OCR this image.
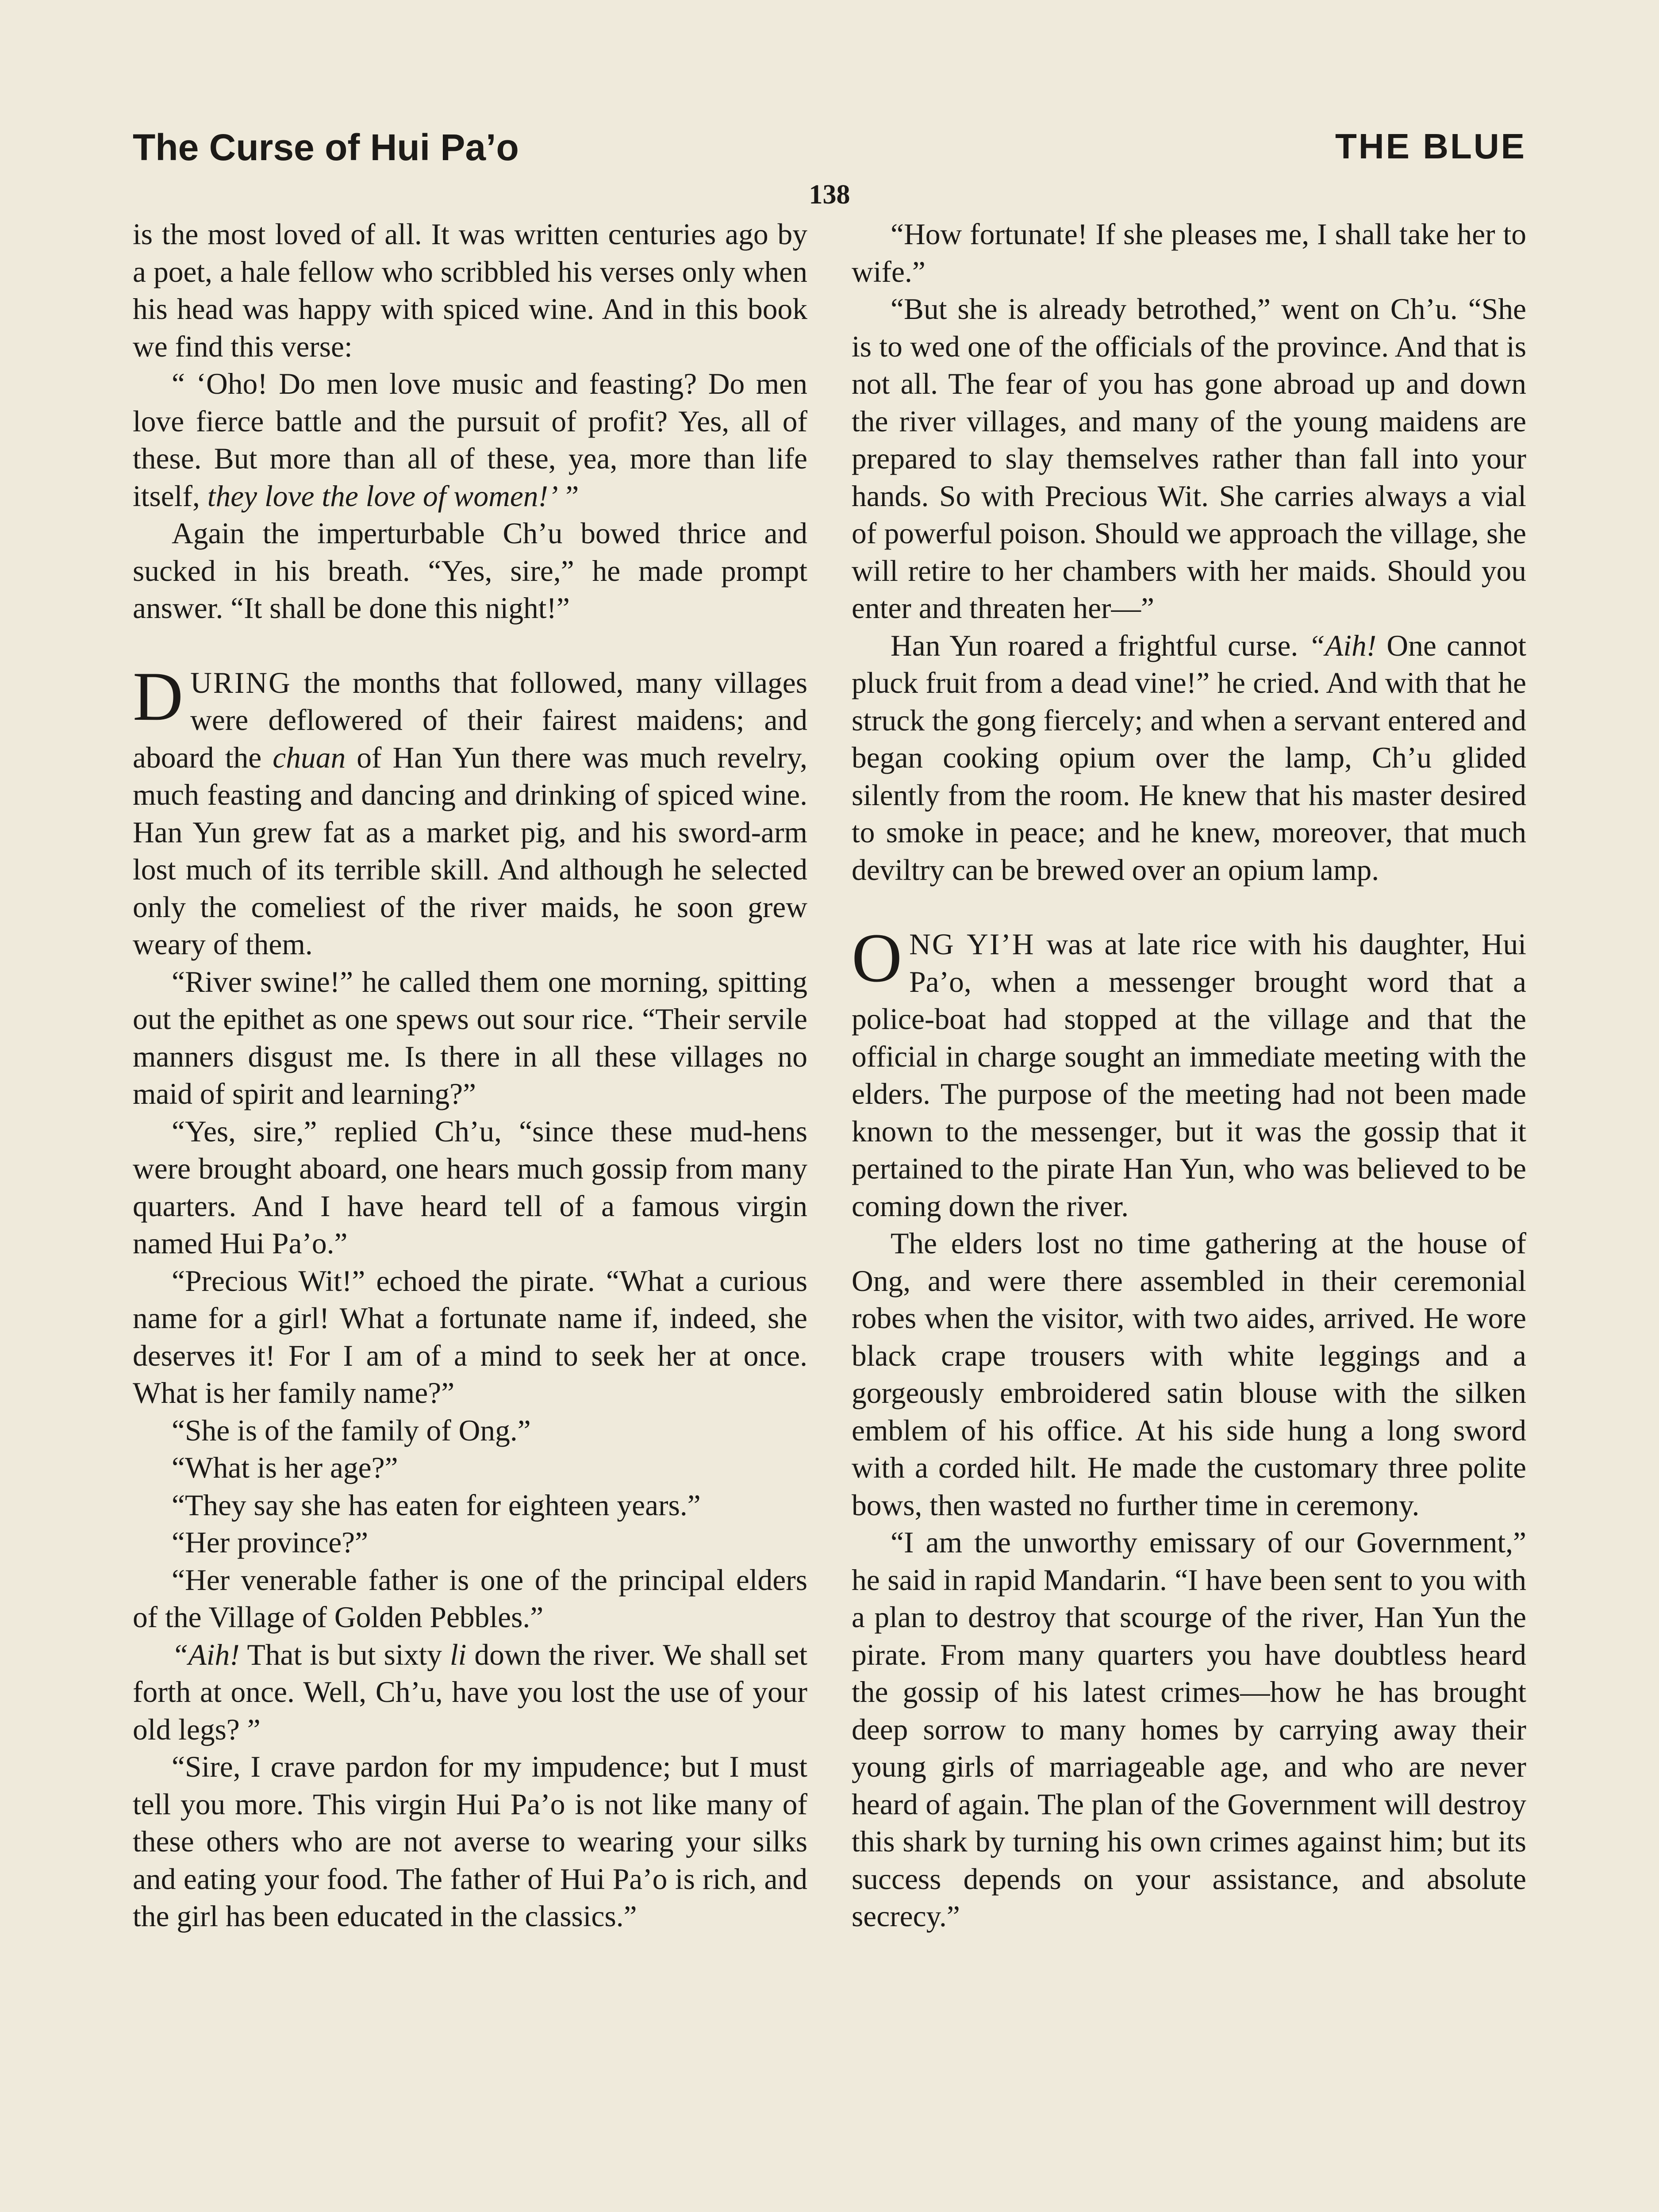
The Curse of Hui Pa’o	THE BLUE
138

is the most loved of all. It was written centuries ago by a poet, a hale fellow who scribbled his verses only when his head was happy with spiced wine. And in this book we find this verse:

“ ‘Oho! Do men love music and feasting? Do men love fierce battle and the pursuit of profit? Yes, all of these. But more than all of these, yea, more than life itself, they love the love of women!’ ”

Again the imperturbable Ch’u bowed thrice and sucked in his breath. “Yes, sire,” he made prompt answer. “It shall be done this night!”

DURING the months that followed, many villages were deflowered of their fairest maidens; and aboard the chuan of Han Yun there was much revelry, much feasting and dancing and drinking of spiced wine. Han Yun grew fat as a market pig, and his sword-arm lost much of its terrible skill. And although he selected only the comeliest of the river maids, he soon grew weary of them.

“River swine!” he called them one morning, spitting out the epithet as one spews out sour rice. “Their servile manners disgust me. Is there in all these villages no maid of spirit and learning?”

“Yes, sire,” replied Ch’u, “since these mud-hens were brought aboard, one hears much gossip from many quarters. And I have heard tell of a famous virgin named Hui Pa’o.”

“Precious Wit!” echoed the pirate. “What a curious name for a girl! What a fortunate name if, indeed, she deserves it! For I am of a mind to seek her at once. What is her family name?”

“She is of the family of Ong.”

“What is her age?”

“They say she has eaten for eighteen years.”

“Her province?”

“Her venerable father is one of the principal elders of the Village of Golden Pebbles.”

“Aih! That is but sixty li down the river. We shall set forth at once. Well, Ch’u, have you lost the use of your old legs? ”

“Sire, I crave pardon for my impudence; but I must tell you more. This virgin Hui Pa’o is not like many of these others who are not averse to wearing your silks and eating your food. The father of Hui Pa’o is rich, and the girl has been educated in the classics.”

“How fortunate! If she pleases me, I shall take her to wife.”

“But she is already betrothed,” went on Ch’u. “She is to wed one of the officials of the province. And that is not all. The fear of you has gone abroad up and down the river villages, and many of the young maidens are prepared to slay themselves rather than fall into your hands. So with Precious Wit. She carries always a vial of powerful poison. Should we approach the village, she will retire to her chambers with her maids. Should you enter and threaten her—”

Han Yun roared a frightful curse. “Aih! One cannot pluck fruit from a dead vine!” he cried. And with that he struck the gong fiercely; and when a servant entered and began cooking opium over the lamp, Ch’u glided silently from the room. He knew that his master desired to smoke in peace; and he knew, moreover, that much deviltry can be brewed over an opium lamp.

ONG YI’H was at late rice with his daughter, Hui Pa’o, when a messenger brought word that a police-boat had stopped at the village and that the official in charge sought an immediate meeting with the elders. The purpose of the meeting had not been made known to the messenger, but it was the gossip that it pertained to the pirate Han Yun, who was believed to be coming down the river.

The elders lost no time gathering at the house of Ong, and were there assembled in their ceremonial robes when the visitor, with two aides, arrived. He wore black crape trousers with white leggings and a gorgeously embroidered satin blouse with the silken emblem of his office. At his side hung a long sword with a corded hilt. He made the customary three polite bows, then wasted no further time in ceremony.

“I am the unworthy emissary of our Government,” he said in rapid Mandarin. “I have been sent to you with a plan to destroy that scourge of the river, Han Yun the pirate. From many quarters you have doubtless heard the gossip of his latest crimes—how he has brought deep sorrow to many homes by carrying away their young girls of marriageable age, and who are never heard of again. The plan of the Government will destroy this shark by turning his own crimes against him; but its success depends on your assistance, and absolute secrecy.”
